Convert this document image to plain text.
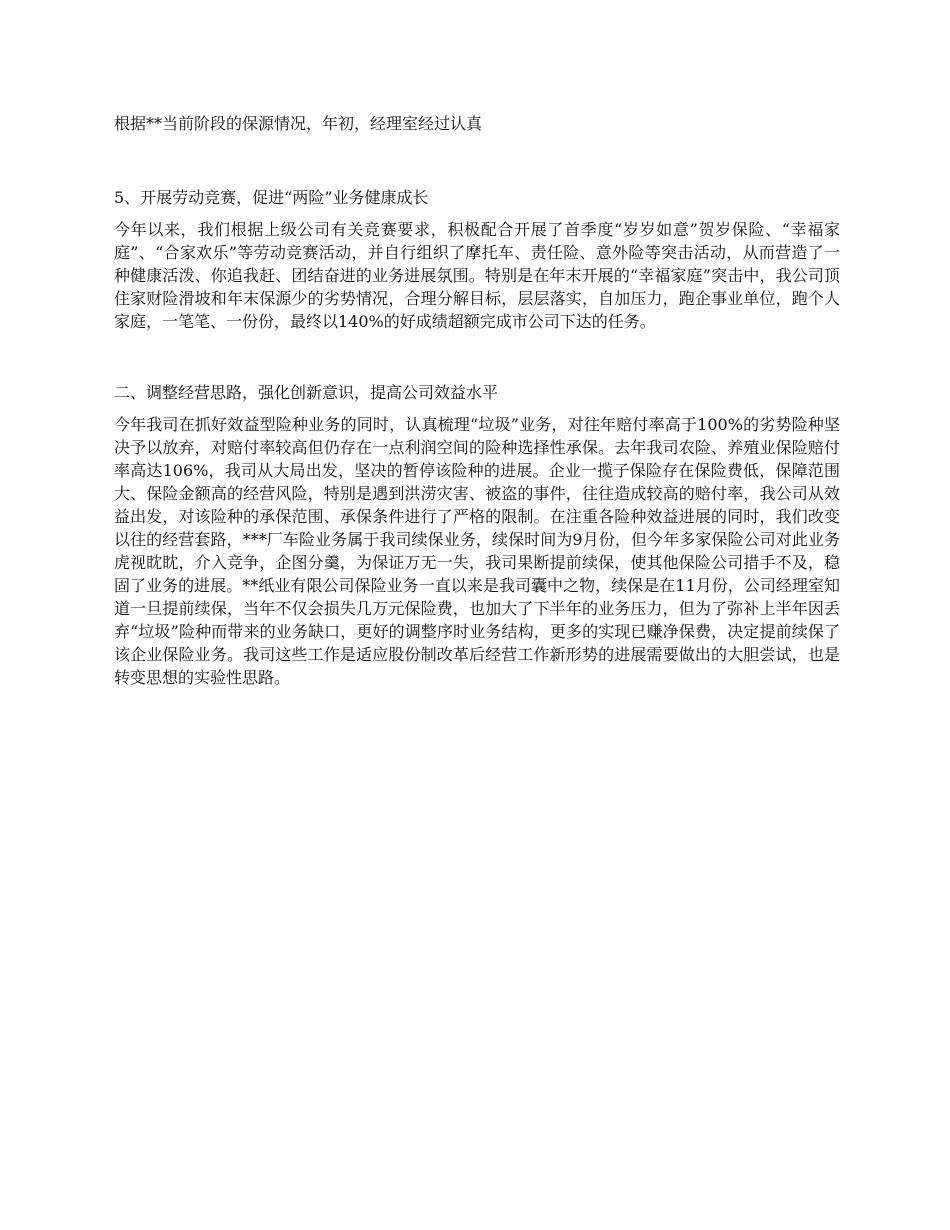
根据**当前阶段的保源情况，年初，经理室经过认真

5、开展劳动竞赛，促进“两险”业务健康成长

今年以来，我们根据上级公司有关竞赛要求，积极配合开展了首季度“岁岁如意”贺岁保险、“幸福家庭”、“合家欢乐”等劳动竞赛活动，并自行组织了摩托车、责任险、意外险等突击活动，从而营造了一种健康活泼、你追我赶、团结奋进的业务进展氛围。特别是在年末开展的“幸福家庭”突击中，我公司顶住家财险滑坡和年末保源少的劣势情况，合理分解目标，层层落实，自加压力，跑企事业单位，跑个人家庭，一笔笔、一份份，最终以140%的好成绩超额完成市公司下达的任务。

二、调整经营思路，强化创新意识，提高公司效益水平

今年我司在抓好效益型险种业务的同时，认真梳理“垃圾”业务，对往年赔付率高于100%的劣势险种坚决予以放弃，对赔付率较高但仍存在一点利润空间的险种选择性承保。去年我司农险、养殖业保险赔付率高达106%，我司从大局出发，坚决的暂停该险种的进展。企业一揽子保险存在保险费低，保障范围大、保险金额高的经营风险，特别是遇到洪涝灾害、被盗的事件，往往造成较高的赔付率，我公司从效益出发，对该险种的承保范围、承保条件进行了严格的限制。在注重各险种效益进展的同时，我们改变以往的经营套路，***厂车险业务属于我司续保业务，续保时间为9月份，但今年多家保险公司对此业务虎视眈眈，介入竞争，企图分羹，为保证万无一失，我司果断提前续保，使其他保险公司措手不及，稳固了业务的进展。**纸业有限公司保险业务一直以来是我司囊中之物，续保是在11月份，公司经理室知道一旦提前续保，当年不仅会损失几万元保险费，也加大了下半年的业务压力，但为了弥补上半年因丢弃“垃圾”险种而带来的业务缺口，更好的调整序时业务结构，更多的实现已赚净保费，决定提前续保了该企业保险业务。我司这些工作是适应股份制改革后经营工作新形势的进展需要做出的大胆尝试，也是转变思想的实验性思路。
